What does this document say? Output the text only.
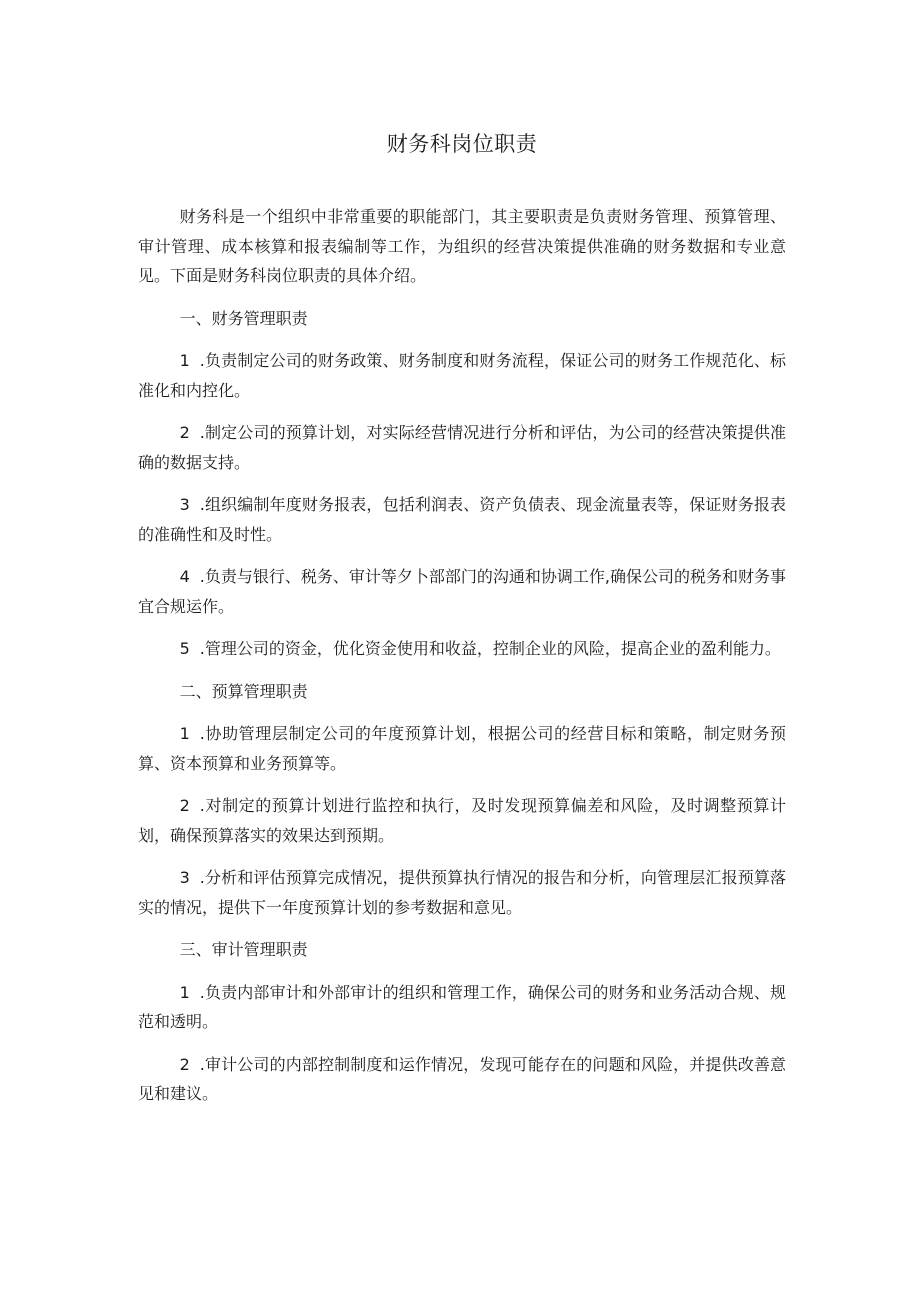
财务科岗位职责

财务科是一个组织中非常重要的职能部门，其主要职责是负责财务管理、预算管理、审计管理、成本核算和报表编制等工作，为组织的经营决策提供准确的财务数据和专业意见。下面是财务科岗位职责的具体介绍。

一、财务管理职责

1 .负责制定公司的财务政策、财务制度和财务流程，保证公司的财务工作规范化、标准化和内控化。

2 .制定公司的预算计划，对实际经营情况进行分析和评估，为公司的经营决策提供准确的数据支持。

3 .组织编制年度财务报表，包括利润表、资产负债表、现金流量表等，保证财务报表的准确性和及时性。

4 .负责与银行、税务、审计等夕卜部部门的沟通和协调工作,确保公司的税务和财务事宜合规运作。

5 .管理公司的资金，优化资金使用和收益，控制企业的风险，提高企业的盈利能力。

二、预算管理职责

1 .协助管理层制定公司的年度预算计划，根据公司的经营目标和策略，制定财务预算、资本预算和业务预算等。

2 .对制定的预算计划进行监控和执行，及时发现预算偏差和风险，及时调整预算计划，确保预算落实的效果达到预期。

3 .分析和评估预算完成情况，提供预算执行情况的报告和分析，向管理层汇报预算落实的情况，提供下一年度预算计划的参考数据和意见。

三、审计管理职责

1 .负责内部审计和外部审计的组织和管理工作，确保公司的财务和业务活动合规、规范和透明。

2 .审计公司的内部控制制度和运作情况，发现可能存在的问题和风险，并提供改善意见和建议。
